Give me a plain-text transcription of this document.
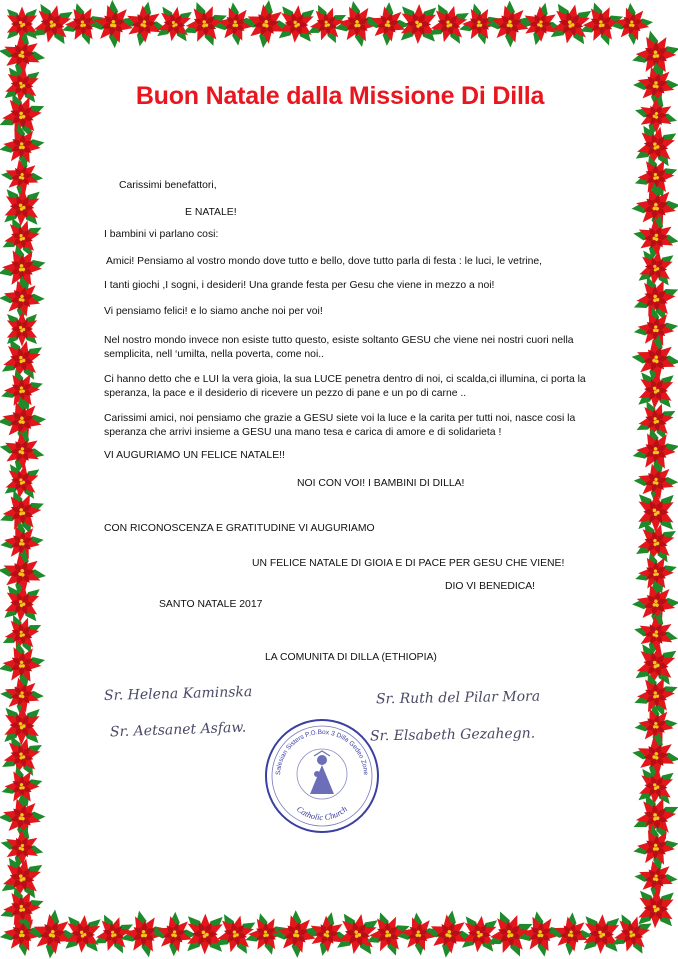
Buon Natale dalla Missione Di Dilla

Carissimi benefattori,

E NATALE!

I bambini vi parlano cosi:

Amici! Pensiamo al vostro mondo dove tutto e bello, dove tutto parla di festa : le luci, le vetrine,

I tanti giochi ,I sogni, i desideri! Una grande festa per Gesu che viene in mezzo a noi!

Vi pensiamo felici! e lo siamo anche noi per voi!

Nel nostro mondo invece non esiste tutto questo, esiste soltanto GESU che viene nei nostri cuori nella

semplicita, nell ‘umilta, nella poverta, come noi..

Ci hanno detto che e LUI la vera gioia, la sua LUCE penetra dentro di noi, ci scalda,ci illumina, ci porta la

speranza, la pace e il desiderio di ricevere un pezzo di pane e un po di carne ..

Carissimi amici, noi pensiamo che grazie a GESU siete voi la luce e la carita per tutti noi, nasce cosi la

speranza che arrivi insieme a GESU una mano tesa e carica di amore e di solidarieta !

VI AUGURIAMO UN FELICE NATALE!!

NOI CON VOI! I BAMBINI DI DILLA!

CON RICONOSCENZA E GRATITUDINE VI AUGURIAMO

UN FELICE NATALE DI GIOIA E DI PACE PER GESU CHE VIENE!

DIO VI BENEDICA!

SANTO NATALE 2017

LA COMUNITA DI DILLA (ETHIOPIA)

Sr. Helena Kaminska

Sr. Aetsanet Asfaw.

Sr. Ruth del Pilar Mora

Sr. Elsabeth Gezahegn.

Salesian Sisters P.O.Box 3 Dilla Gedeo Zone
Catholic Church
